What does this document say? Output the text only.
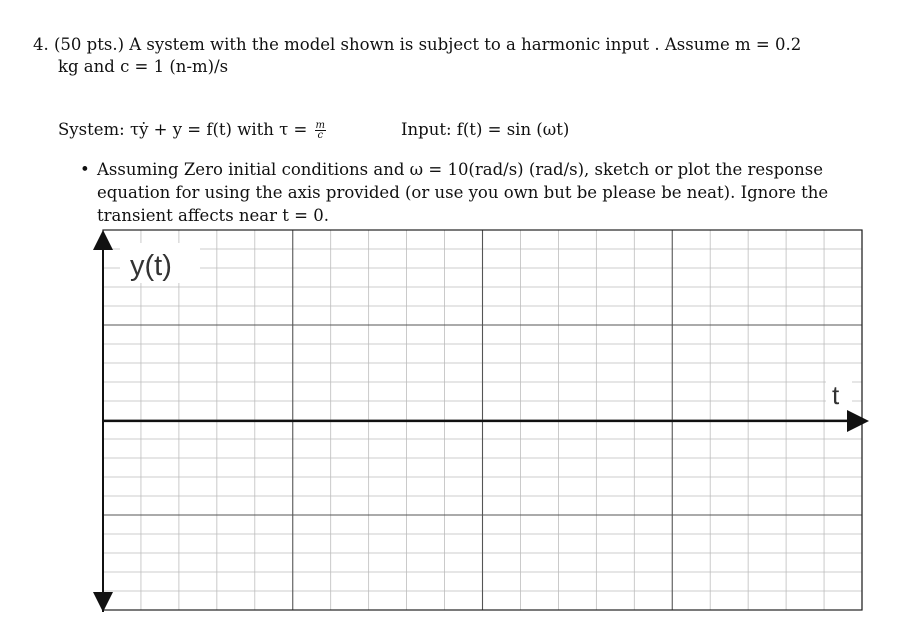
4. (50 pts.) A system with the model shown is subject to a harmonic input . Assume m = 0.2
kg and c = 1 (n-m)/s
System: τẏ + y = f(t) with $\tau = \frac{m}{c}$	Input: f(t) = sin (ωt)
• Assuming Zero initial conditions and ω = 10(rad/s) (rad/s), sketch or plot the response
equation for using the axis provided (or use you own but be please be neat). Ignore the
transient affects near t = 0.
y(t)
t
